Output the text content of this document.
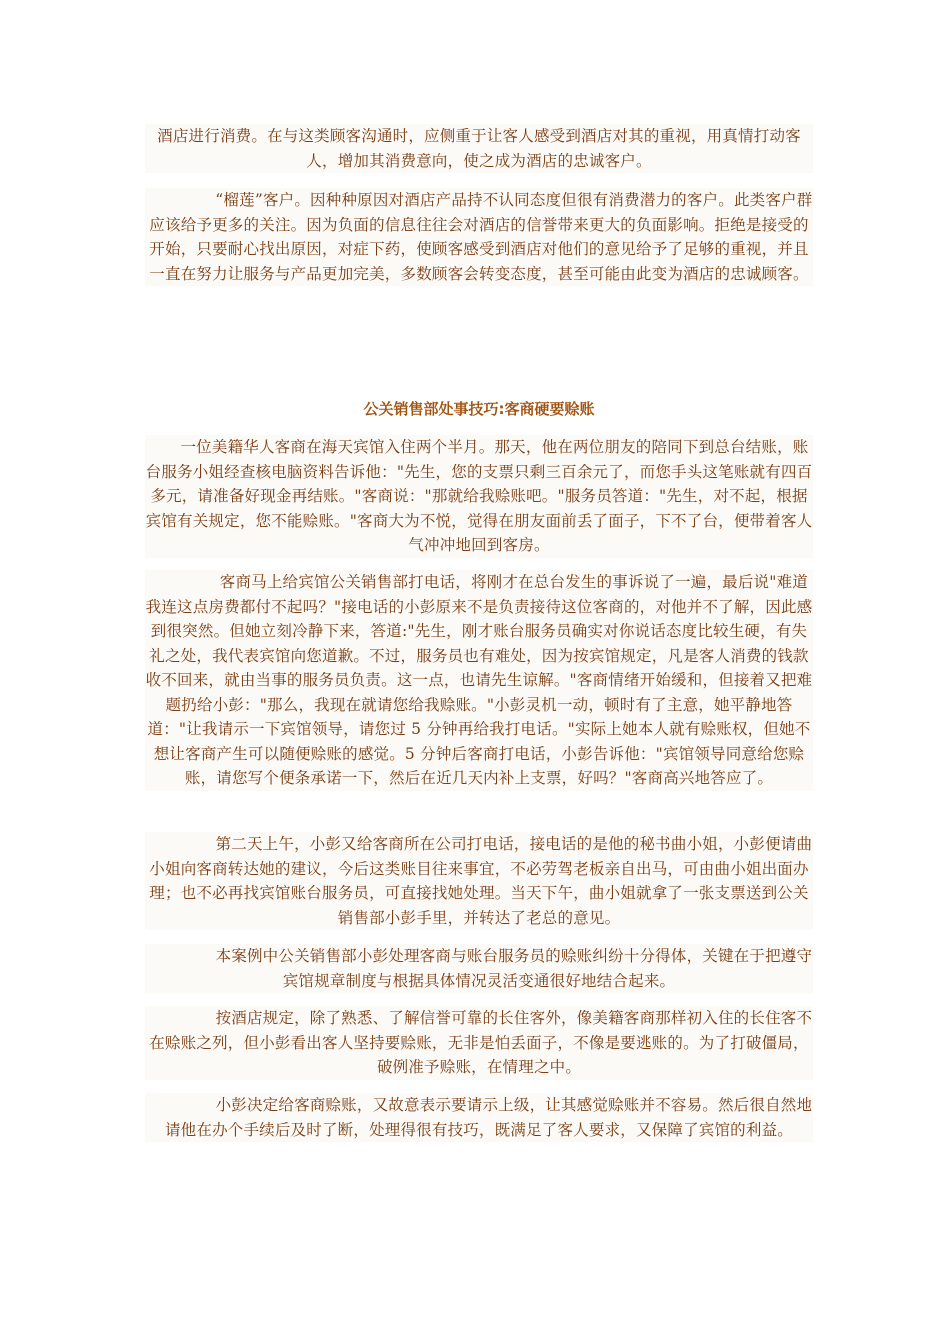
酒店进行消费。在与这类顾客沟通时，应侧重于让客人感受到酒店对其的重视，用真情打动客人，增加其消费意向，使之成为酒店的忠诚客户。

“榴莲”客户。因种种原因对酒店产品持不认同态度但很有消费潜力的客户。此类客户群应该给予更多的关注。因为负面的信息往往会对酒店的信誉带来更大的负面影响。拒绝是接受的开始，只要耐心找出原因，对症下药，使顾客感受到酒店对他们的意见给予了足够的重视，并且一直在努力让服务与产品更加完美，多数顾客会转变态度，甚至可能由此变为酒店的忠诚顾客。

公关销售部处事技巧:客商硬要赊账

一位美籍华人客商在海天宾馆入住两个半月。那天，他在两位朋友的陪同下到总台结账，账台服务小姐经查核电脑资料告诉他："先生，您的支票只剩三百余元了，而您手头这笔账就有四百多元，请准备好现金再结账。"客商说："那就给我赊账吧。"服务员答道："先生，对不起，根据宾馆有关规定，您不能赊账。"客商大为不悦，觉得在朋友面前丢了面子，下不了台，便带着客人气冲冲地回到客房。

客商马上给宾馆公关销售部打电话，将刚才在总台发生的事诉说了一遍，最后说"难道我连这点房费都付不起吗？"接电话的小彭原来不是负责接待这位客商的，对他并不了解，因此感到很突然。但她立刻冷静下来，答道:"先生，刚才账台服务员确实对你说话态度比较生硬，有失礼之处，我代表宾馆向您道歉。不过，服务员也有难处，因为按宾馆规定，凡是客人消费的钱款收不回来，就由当事的服务员负责。这一点，也请先生谅解。"客商情绪开始缓和，但接着又把难题扔给小彭："那么，我现在就请您给我赊账。"小彭灵机一动，顿时有了主意，她平静地答道："让我请示一下宾馆领导，请您过 5 分钟再给我打电话。"实际上她本人就有赊账权，但她不想让客商产生可以随便赊账的感觉。5 分钟后客商打电话，小彭告诉他："宾馆领导同意给您赊账，请您写个便条承诺一下，然后在近几天内补上支票，好吗？"客商高兴地答应了。

第二天上午，小彭又给客商所在公司打电话，接电话的是他的秘书曲小姐，小彭便请曲小姐向客商转达她的建议，今后这类账目往来事宜，不必劳驾老板亲自出马，可由曲小姐出面办理；也不必再找宾馆账台服务员，可直接找她处理。当天下午，曲小姐就拿了一张支票送到公关销售部小彭手里，并转达了老总的意见。

本案例中公关销售部小彭处理客商与账台服务员的赊账纠纷十分得体，关键在于把遵守宾馆规章制度与根据具体情况灵活变通很好地结合起来。

按酒店规定，除了熟悉、了解信誉可靠的长住客外，像美籍客商那样初入住的长住客不在赊账之列，但小彭看出客人坚持要赊账，无非是怕丢面子，不像是要逃账的。为了打破僵局，破例准予赊账，在情理之中。

小彭决定给客商赊账，又故意表示要请示上级，让其感觉赊账并不容易。然后很自然地请他在办个手续后及时了断，处理得很有技巧，既满足了客人要求，又保障了宾馆的利益。
